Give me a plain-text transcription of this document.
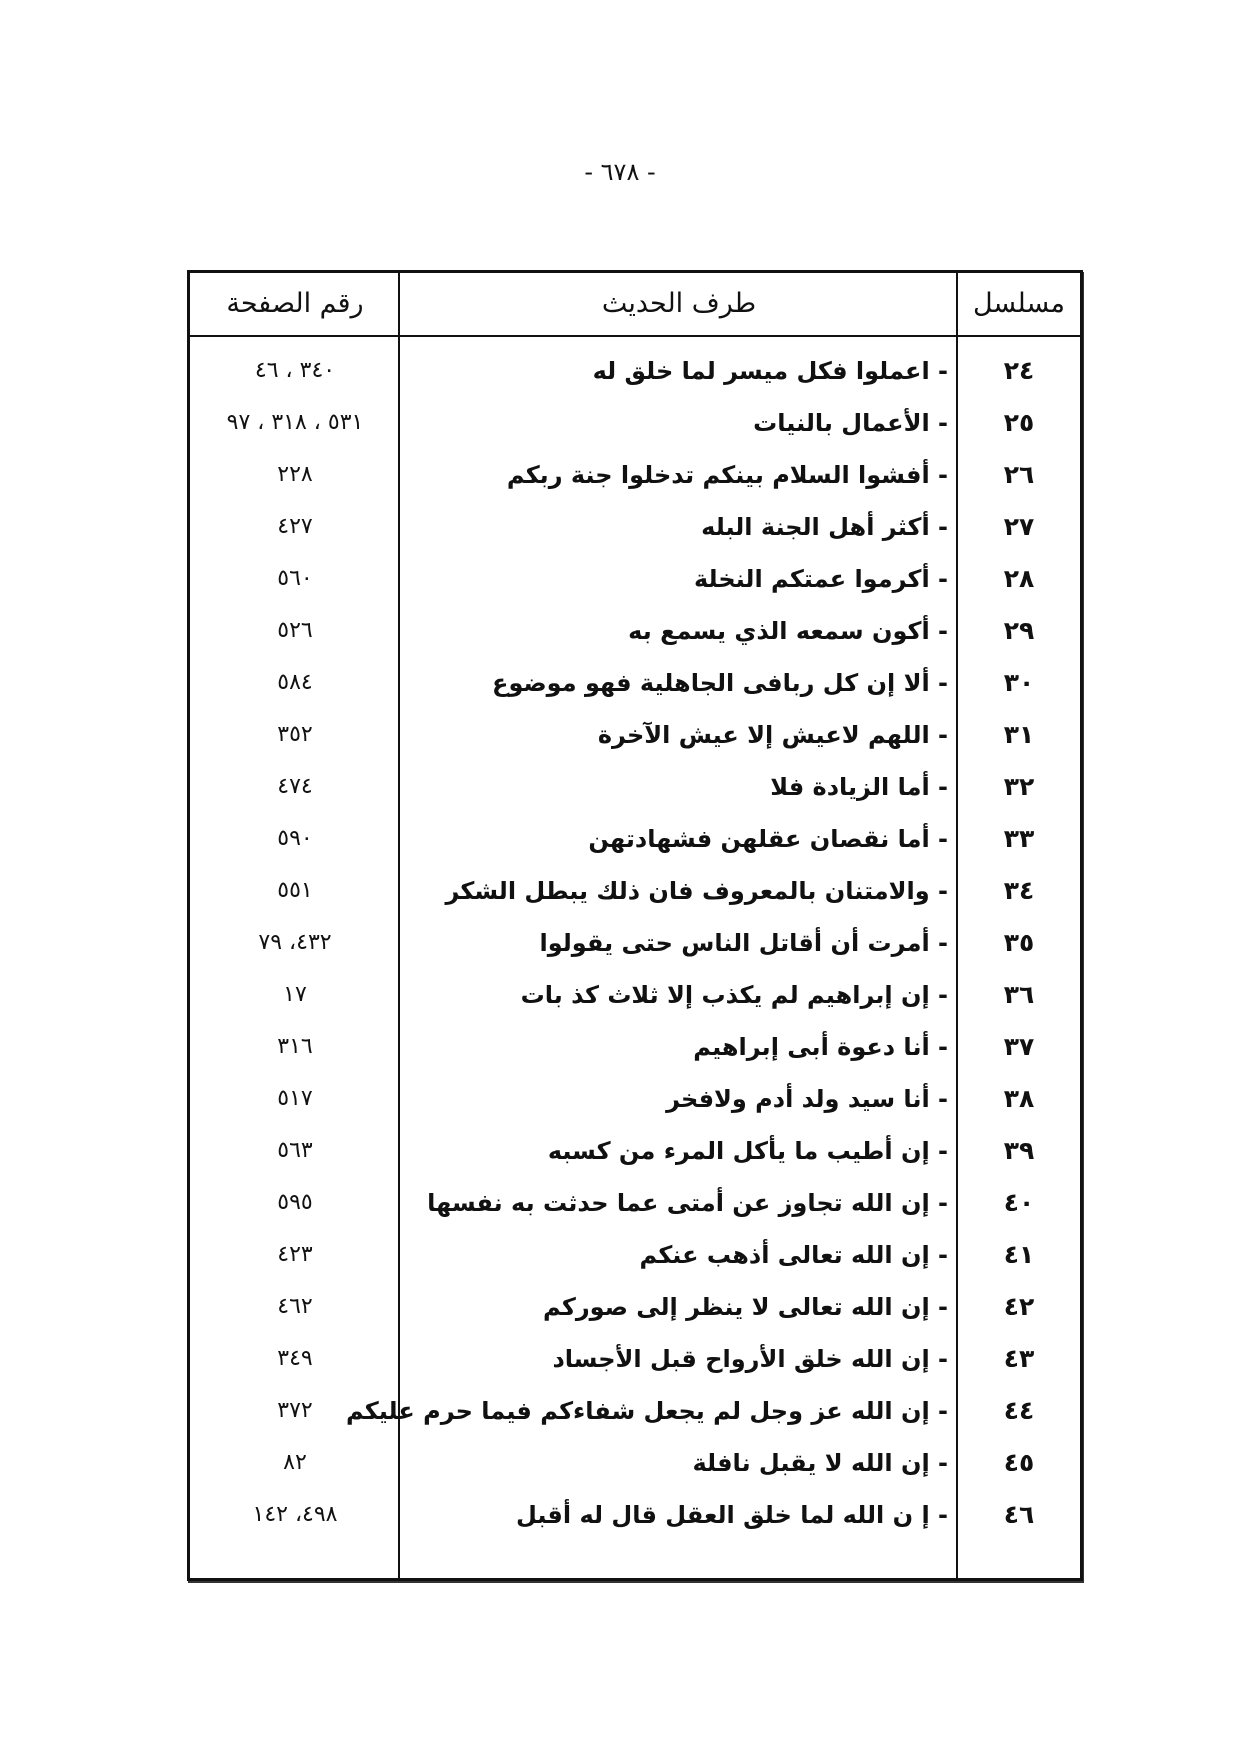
- ٦٧٨ -
مسلسل
طرف الحديث
رقم الصفحة
٢٤
- اعملوا فكل ميسر لما خلق له
٣٤٠ ، ٤٦
٢٥
- الأعمال بالنيات
٥٣١ ، ٣١٨ ، ٩٧
٢٦
- أفشوا السلام بينكم تدخلوا جنة ربكم
٢٢٨
٢٧
- أكثر أهل الجنة البله
٤٢٧
٢٨
- أكرموا عمتكم النخلة
٥٦٠
٢٩
- أكون سمعه الذي يسمع به
٥٢٦
٣٠
- ألا إن كل ربافى الجاهلية فهو موضوع
٥٨٤
٣١
- اللهم لاعيش إلا عيش الآخرة
٣٥٢
٣٢
- أما الزيادة فلا
٤٧٤
٣٣
- أما نقصان عقلهن فشهادتهن
٥٩٠
٣٤
- والامتنان بالمعروف فان ذلك يبطل الشكر
٥٥١
٣٥
- أمرت أن أقاتل الناس حتى يقولوا
٤٣٢، ٧٩
٣٦
- إن إبراهيم لم يكذب إلا ثلاث كذ بات
١٧
٣٧
- أنا دعوة أبى إبراهيم
٣١٦
٣٨
- أنا سيد ولد أدم ولافخر
٥١٧
٣٩
- إن أطيب ما يأكل المرء من كسبه
٥٦٣
٤٠
- إن الله تجاوز عن أمتى عما حدثت به نفسها
٥٩٥
٤١
- إن الله تعالى أذهب عنكم
٤٢٣
٤٢
- إن الله تعالى لا ينظر إلى صوركم
٤٦٢
٤٣
- إن الله خلق الأرواح قبل الأجساد
٣٤٩
٤٤
- إن الله عز وجل لم يجعل شفاءكم فيما حرم عليكم
٣٧٢
٤٥
- إن الله لا يقبل نافلة
٨٢
٤٦
- إ ن الله لما خلق العقل قال له أقبل
٤٩٨، ١٤٢
